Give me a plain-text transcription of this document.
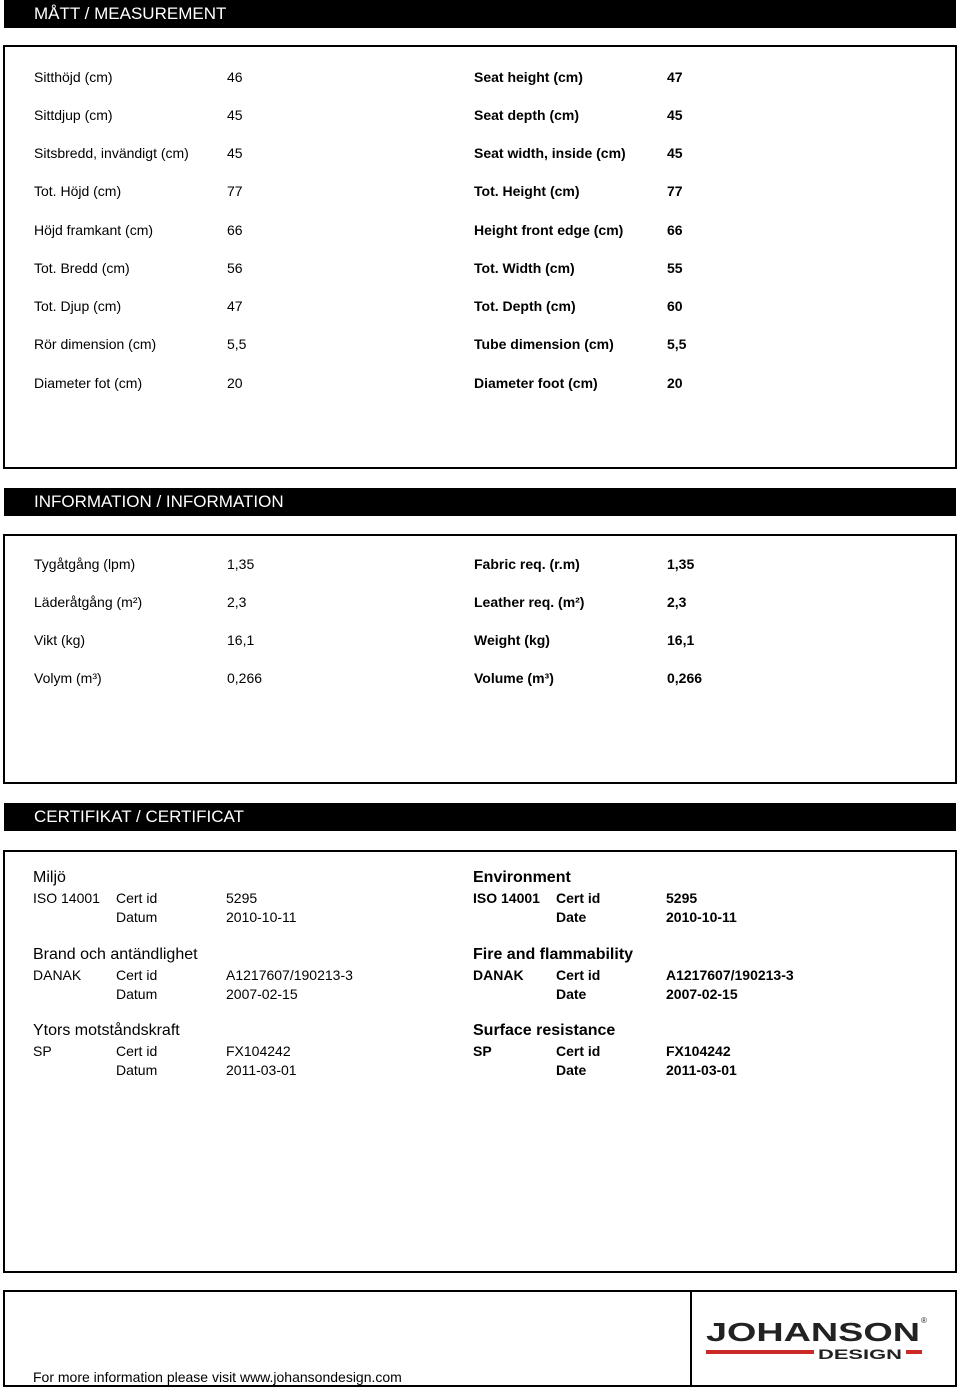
MÅTT / MEASUREMENT
Sitthöjd (cm)	46	Seat height (cm)	47
Sittdjup (cm)	45	Seat depth (cm)	45
Sitsbredd, invändigt (cm)	45	Seat width, inside (cm)	45
Tot. Höjd (cm)	77	Tot. Height (cm)	77
Höjd framkant (cm)	66	Height front edge (cm)	66
Tot. Bredd (cm)	56	Tot. Width (cm)	55
Tot. Djup (cm)	47	Tot. Depth (cm)	60
Rör dimension (cm)	5,5	Tube dimension (cm)	5,5
Diameter fot (cm)	20	Diameter foot (cm)	20
INFORMATION / INFORMATION
Tygåtgång (lpm)	1,35	Fabric req. (r.m)	1,35
Läderåtgång (m²)	2,3	Leather req. (m²)	2,3
Vikt (kg)	16,1	Weight (kg)	16,1
Volym (m³)	0,266	Volume (m³)	0,266
CERTIFIKAT / CERTIFICAT
Miljö
ISO 14001 Cert id	5295
Datum	2010-10-11
Environment
ISO 14001 Cert id	5295
Date	2010-10-11
Brand och antändlighet
DANAK Cert id	A1217607/190213-3
Datum	2007-02-15
Fire and flammability
DANAK Cert id	A1217607/190213-3
Date	2007-02-15
Ytors motståndskraft
SP	Cert id	FX104242
Datum	2011-03-01
Surface resistance
SP	Cert id	FX104242
Date	2011-03-01
For more information please visit www.johansondesign.com
JOHANSON ®
DESIGN
